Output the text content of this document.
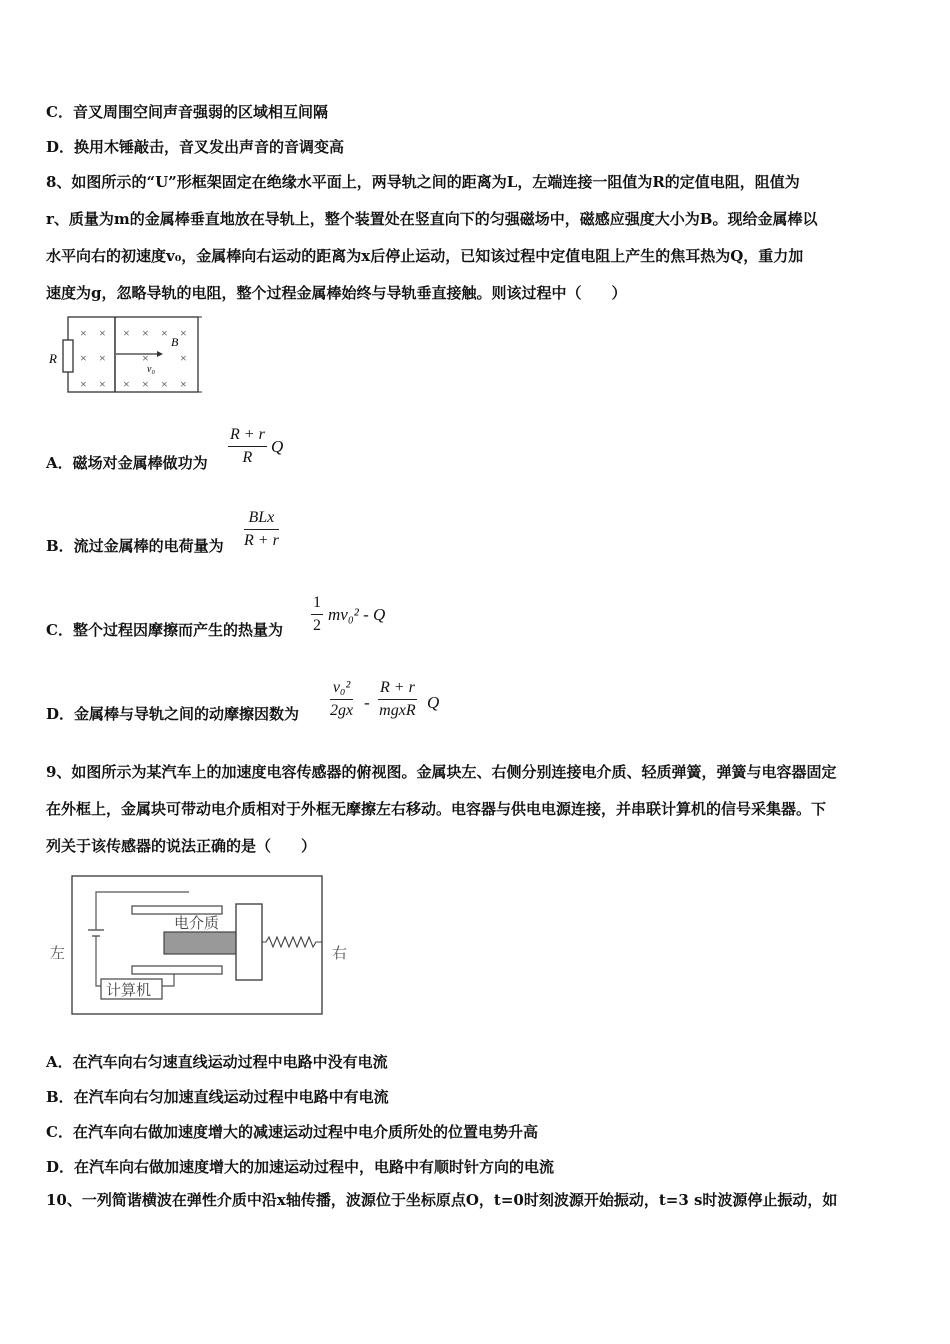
C．音叉周围空间声音强弱的区域相互间隔
D．换用木锤敲击，音叉发出声音的音调变高
8、如图所示的“U”形框架固定在绝缘水平面上，两导轨之间的距离为L，左端连接一阻值为R的定值电阻，阻值为
r、质量为m的金属棒垂直地放在导轨上，整个装置处在竖直向下的匀强磁场中，磁感应强度大小为B。现给金属棒以
水平向右的初速度v₀，金属棒向右运动的距离为x后停止运动，已知该过程中定值电阻上产生的焦耳热为Q，重力加
速度为g，忽略导轨的电阻，整个过程金属棒始终与导轨垂直接触。则该过程中（　　）
R
B
v₀
× × × × × ×
× ×	×	×
× × × × × ×
A．磁场对金属棒做功为
R + r
R
Q
B．流过金属棒的电荷量为
BLx
R + r
C．整个过程因摩擦而产生的热量为
1
2
mv₀² - Q
D．金属棒与导轨之间的动摩擦因数为
v₀²
2gx -
R + r
mgxR Q
9、如图所示为某汽车上的加速度电容传感器的俯视图。金属块左、右侧分别连接电介质、轻质弹簧，弹簧与电容器固定
在外框上，金属块可带动电介质相对于外框无摩擦左右移动。电容器与供电电源连接，并串联计算机的信号采集器。下
列关于该传感器的说法正确的是（　　）
电介质
计算机
左	右
A．在汽车向右匀速直线运动过程中电路中没有电流
B．在汽车向右匀加速直线运动过程中电路中有电流
C．在汽车向右做加速度增大的减速运动过程中电介质所处的位置电势升高
D．在汽车向右做加速度增大的加速运动过程中，电路中有顺时针方向的电流
10、一列简谐横波在弹性介质中沿x轴传播，波源位于坐标原点O，t=0时刻波源开始振动，t=3 s时波源停止振动，如
